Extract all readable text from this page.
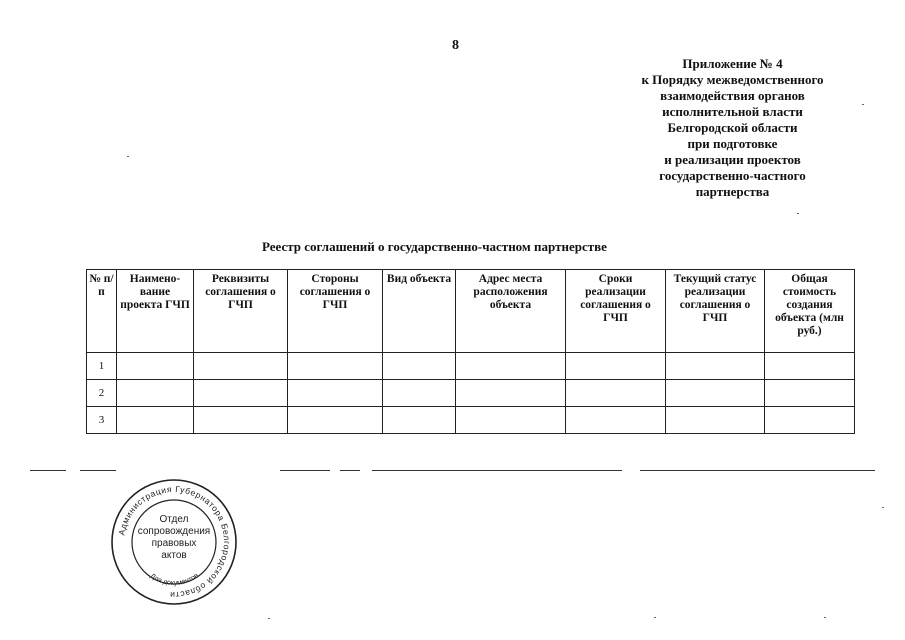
8
Приложение № 4
к Порядку межведомственного
взаимодействия органов
исполнительной власти
Белгородской области
при подготовке
и реализации проектов
государственно-частного
партнерства
Реестр соглашений о государственно-частном партнерстве
№ п/п	Наимено-вание проекта ГЧП	Реквизиты соглашения о ГЧП	Стороны соглашения о ГЧП	Вид объекта	Адрес места расположения объекта	Сроки реализации соглашения о ГЧП	Текущий статус реализации соглашения о ГЧП	Общая стоимость создания объекта (млн руб.)
1								
2								
3								
Администрация Губернатора Белгородской области
Для документов
Отдел
сопровождения
правовых
актов
